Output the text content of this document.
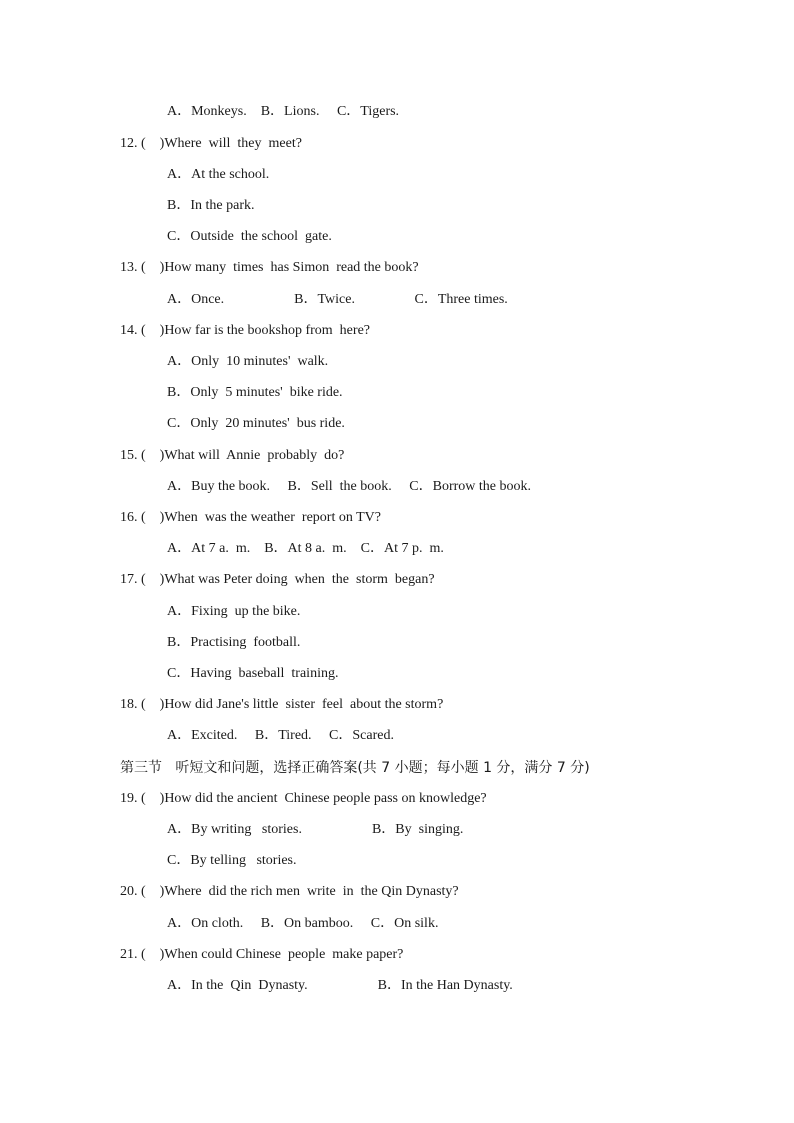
A．Monkeys.    B．Lions.     C．Tigers.
12. (    )Where  will  they  meet?
A．At the school.
B．In the park.
C．Outside  the school  gate.
13. (    )How many  times  has Simon  read the book?
A．Once.                    B．Twice.                 C．Three times.
14. (    )How far is the bookshop from  here?
A．Only  10 minutes'  walk.
B．Only  5 minutes'  bike ride.
C．Only  20 minutes'  bus ride.
15. (    )What will  Annie  probably  do?
A．Buy the book.     B．Sell  the book.     C．Borrow the book.
16. (    )When  was the weather  report on TV?
A．At 7 a.  m.    B．At 8 a.  m.    C．At 7 p.  m.
17. (    )What was Peter doing  when  the  storm  began?
A．Fixing  up the bike.
B．Practising  football.
C．Having  baseball  training.
18. (    )How did Jane's little  sister  feel  about the storm?
A．Excited.     B．Tired.     C．Scared.
第三节   听短文和问题，选择正确答案(共 7 小题；每小题 1 分，满分 7 分)
19. (    )How did the ancient  Chinese people pass on knowledge?
A．By writing   stories.                    B．By  singing.
C．By telling   stories.
20. (    )Where  did the rich men  write  in  the Qin Dynasty?
A．On cloth.     B．On bamboo.     C．On silk.
21. (    )When could Chinese  people  make paper?
A．In the  Qin  Dynasty.                    B．In the Han Dynasty.
